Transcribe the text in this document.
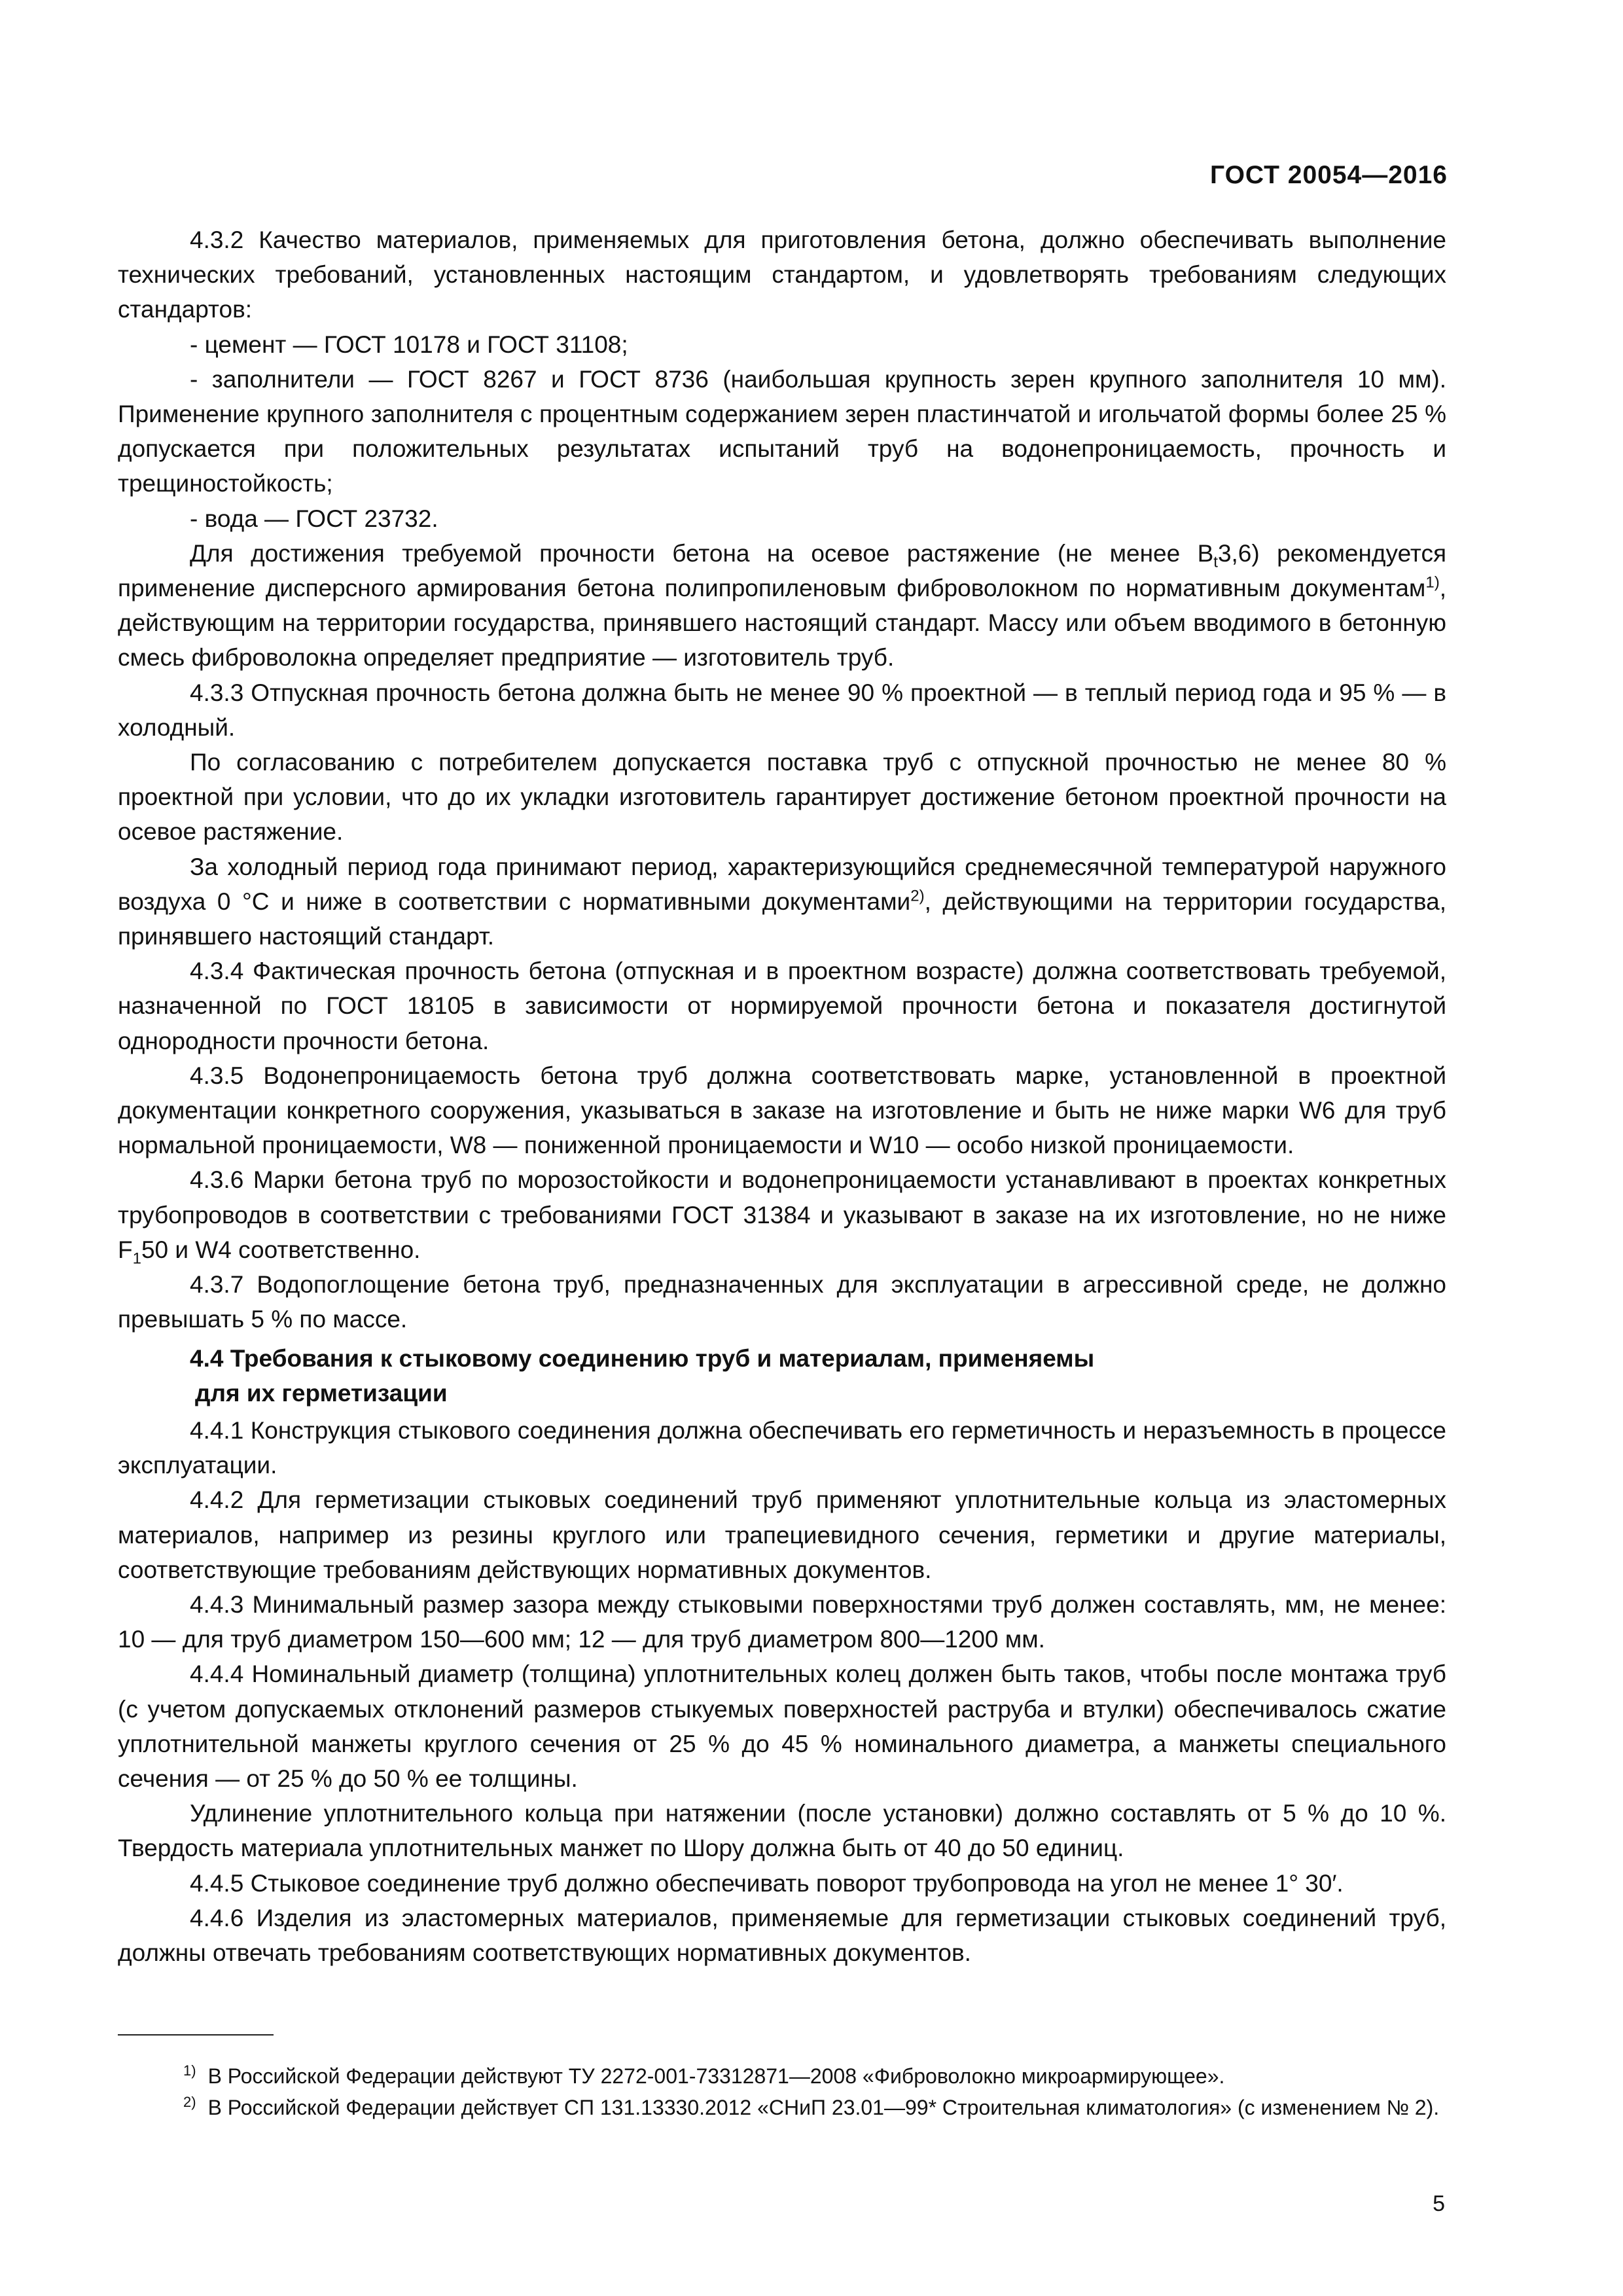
ГОСТ 20054—2016

4.3.2 Качество материалов, применяемых для приготовления бетона, должно обеспечивать выполнение технических требований, установленных настоящим стандартом, и удовлетворять требованиям следующих стандартов:

- цемент — ГОСТ 10178 и ГОСТ 31108;

- заполнители — ГОСТ 8267 и ГОСТ 8736 (наибольшая крупность зерен крупного заполнителя 10 мм). Применение крупного заполнителя с процентным содержанием зерен пластинчатой и игольчатой формы более 25 % допускается при положительных результатах испытаний труб на водонепроницаемость, прочность и трещиностойкость;

- вода — ГОСТ 23732.

Для достижения требуемой прочности бетона на осевое растяжение (не менее $B_t3,6$) рекомендуется применение дисперсного армирования бетона полипропиленовым фиброволокном по нормативным документам$^{1)}$, действующим на территории государства, принявшего настоящий стандарт. Массу или объем вводимого в бетонную смесь фиброволокна определяет предприятие — изготовитель труб.

4.3.3 Отпускная прочность бетона должна быть не менее 90 % проектной — в теплый период года и 95 % — в холодный.

По согласованию с потребителем допускается поставка труб с отпускной прочностью не менее 80 % проектной при условии, что до их укладки изготовитель гарантирует достижение бетоном проектной прочности на осевое растяжение.

За холодный период года принимают период, характеризующийся среднемесячной температурой наружного воздуха 0 °С и ниже в соответствии с нормативными документами$^{2)}$, действующими на территории государства, принявшего настоящий стандарт.

4.3.4 Фактическая прочность бетона (отпускная и в проектном возрасте) должна соответствовать требуемой, назначенной по ГОСТ 18105 в зависимости от нормируемой прочности бетона и показателя достигнутой однородности прочности бетона.

4.3.5 Водонепроницаемость бетона труб должна соответствовать марке, установленной в проектной документации конкретного сооружения, указываться в заказе на изготовление и быть не ниже марки W6 для труб нормальной проницаемости, W8 — пониженной проницаемости и W10 — особо низкой проницаемости.

4.3.6 Марки бетона труб по морозостойкости и водонепроницаемости устанавливают в проектах конкретных трубопроводов в соответствии с требованиями ГОСТ 31384 и указывают в заказе на их изготовление, но не ниже $F_150$ и W4 соответственно.

4.3.7 Водопоглощение бетона труб, предназначенных для эксплуатации в агрессивной среде, не должно превышать 5 % по массе.

4.4 Требования к стыковому соединению труб и материалам, применяемы
для их герметизации

4.4.1 Конструкция стыкового соединения должна обеспечивать его герметичность и неразъемность в процессе эксплуатации.

4.4.2 Для герметизации стыковых соединений труб применяют уплотнительные кольца из эластомерных материалов, например из резины круглого или трапециевидного сечения, герметики и другие материалы, соответствующие требованиям действующих нормативных документов.

4.4.3 Минимальный размер зазора между стыковыми поверхностями труб должен составлять, мм, не менее: 10 — для труб диаметром 150—600 мм; 12 — для труб диаметром 800—1200 мм.

4.4.4 Номинальный диаметр (толщина) уплотнительных колец должен быть таков, чтобы после монтажа труб (с учетом допускаемых отклонений размеров стыкуемых поверхностей раструба и втулки) обеспечивалось сжатие уплотнительной манжеты круглого сечения от 25 % до 45 % номинального диаметра, а манжеты специального сечения — от 25 % до 50 % ее толщины.

Удлинение уплотнительного кольца при натяжении (после установки) должно составлять от 5 % до 10 %. Твердость материала уплотнительных манжет по Шору должна быть от 40 до 50 единиц.

4.4.5 Стыковое соединение труб должно обеспечивать поворот трубопровода на угол не менее 1° 30′.

4.4.6 Изделия из эластомерных материалов, применяемые для герметизации стыковых соединений труб, должны отвечать требованиям соответствующих нормативных документов.

$^{1)}$ В Российской Федерации действуют ТУ 2272-001-73312871—2008 «Фиброволокно микроармирующее».

$^{2)}$ В Российской Федерации действует СП 131.13330.2012 «СНиП 23.01—99* Строительная климатология» (с изменением № 2).

5
